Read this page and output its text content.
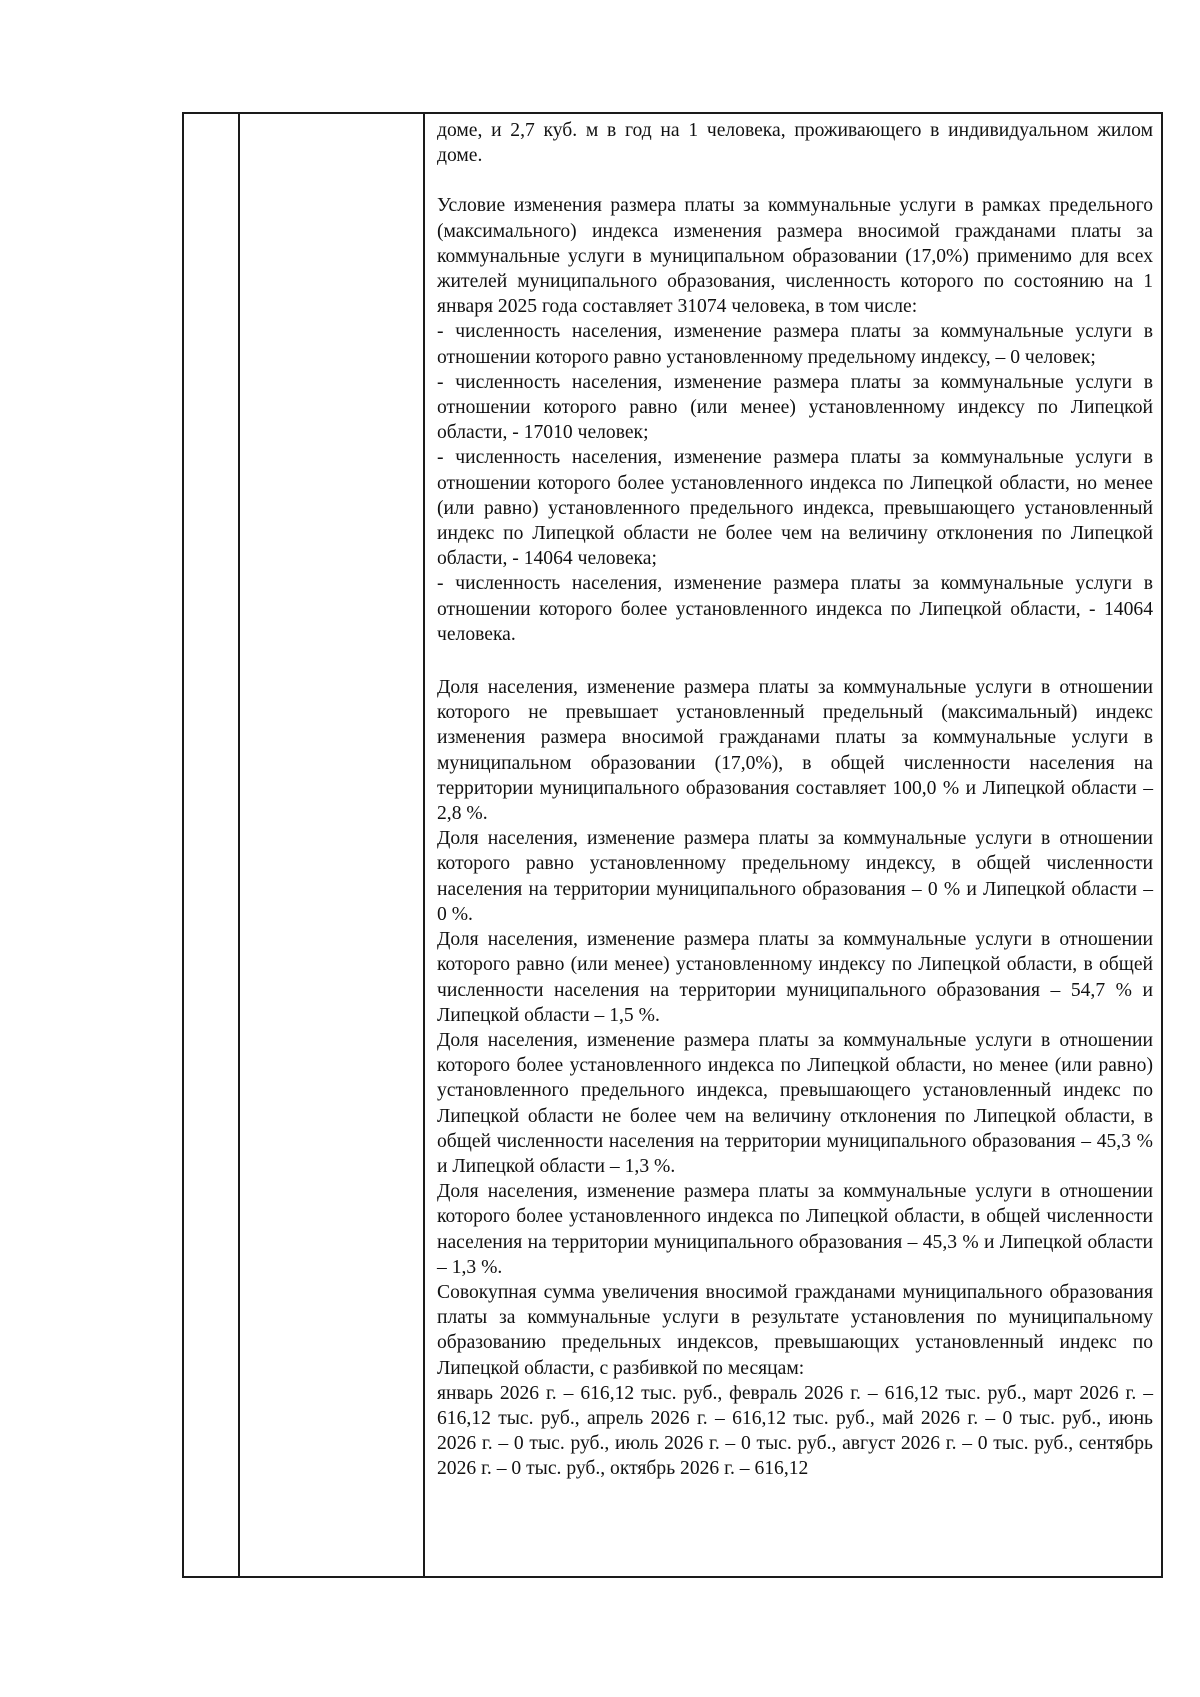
доме, и 2,7 куб. м в год на 1 человека, проживающего в индивидуальном жилом доме.

Условие изменения размера платы за коммунальные услуги в рамках предельного (максимального) индекса изменения размера вносимой гражданами платы за коммунальные услуги в муниципальном образовании (17,0%) применимо для всех жителей муниципального образования, численность которого по состоянию на 1 января 2025 года составляет 31074 человека, в том числе:

- численность населения, изменение размера платы за коммунальные услуги в отношении которого равно установленному предельному индексу, – 0 человек;

- численность населения, изменение размера платы за коммунальные услуги в отношении которого равно (или менее) установленному индексу по Липецкой области, - 17010 человек;

- численность населения, изменение размера платы за коммунальные услуги в отношении которого более установленного индекса по Липецкой области, но менее (или равно) установленного предельного индекса, превышающего установленный индекс по Липецкой области не более чем на величину отклонения по Липецкой области, - 14064 человека;

- численность населения, изменение размера платы за коммунальные услуги в отношении которого более установленного индекса по Липецкой области, - 14064 человека.

Доля населения, изменение размера платы за коммунальные услуги в отношении которого не превышает установленный предельный (максимальный) индекс изменения размера вносимой гражданами платы за коммунальные услуги в муниципальном образовании (17,0%), в общей численности населения на территории муниципального образования составляет 100,0 % и Липецкой области – 2,8 %.

Доля населения, изменение размера платы за коммунальные услуги в отношении которого равно установленному предельному индексу, в общей численности населения на территории муниципального образования – 0 % и Липецкой области – 0 %.

Доля населения, изменение размера платы за коммунальные услуги в отношении которого равно (или менее) установленному индексу по Липецкой области, в общей численности населения на территории муниципального образования – 54,7 % и Липецкой области – 1,5 %.

Доля населения, изменение размера платы за коммунальные услуги в отношении которого более установленного индекса по Липецкой области, но менее (или равно) установленного предельного индекса, превышающего установленный индекс по Липецкой области не более чем на величину отклонения по Липецкой области, в общей численности населения на территории муниципального образования – 45,3 % и Липецкой области – 1,3 %.

Доля населения, изменение размера платы за коммунальные услуги в отношении которого более установленного индекса по Липецкой области, в общей численности населения на территории муниципального образования – 45,3 % и Липецкой области – 1,3 %.

Совокупная сумма увеличения вносимой гражданами муниципального образования платы за коммунальные услуги в результате установления по муниципальному образованию предельных индексов, превышающих установленный индекс по Липецкой области, с разбивкой по месяцам:

январь 2026 г. – 616,12 тыс. руб., февраль 2026 г. – 616,12 тыс. руб., март 2026 г. – 616,12 тыс. руб., апрель 2026 г. – 616,12 тыс. руб., май 2026 г. – 0 тыс. руб., июнь 2026 г. – 0 тыс. руб., июль 2026 г. – 0 тыс. руб., август 2026 г. – 0 тыс. руб., сентябрь 2026 г. – 0 тыс. руб., октябрь 2026 г. – 616,12
